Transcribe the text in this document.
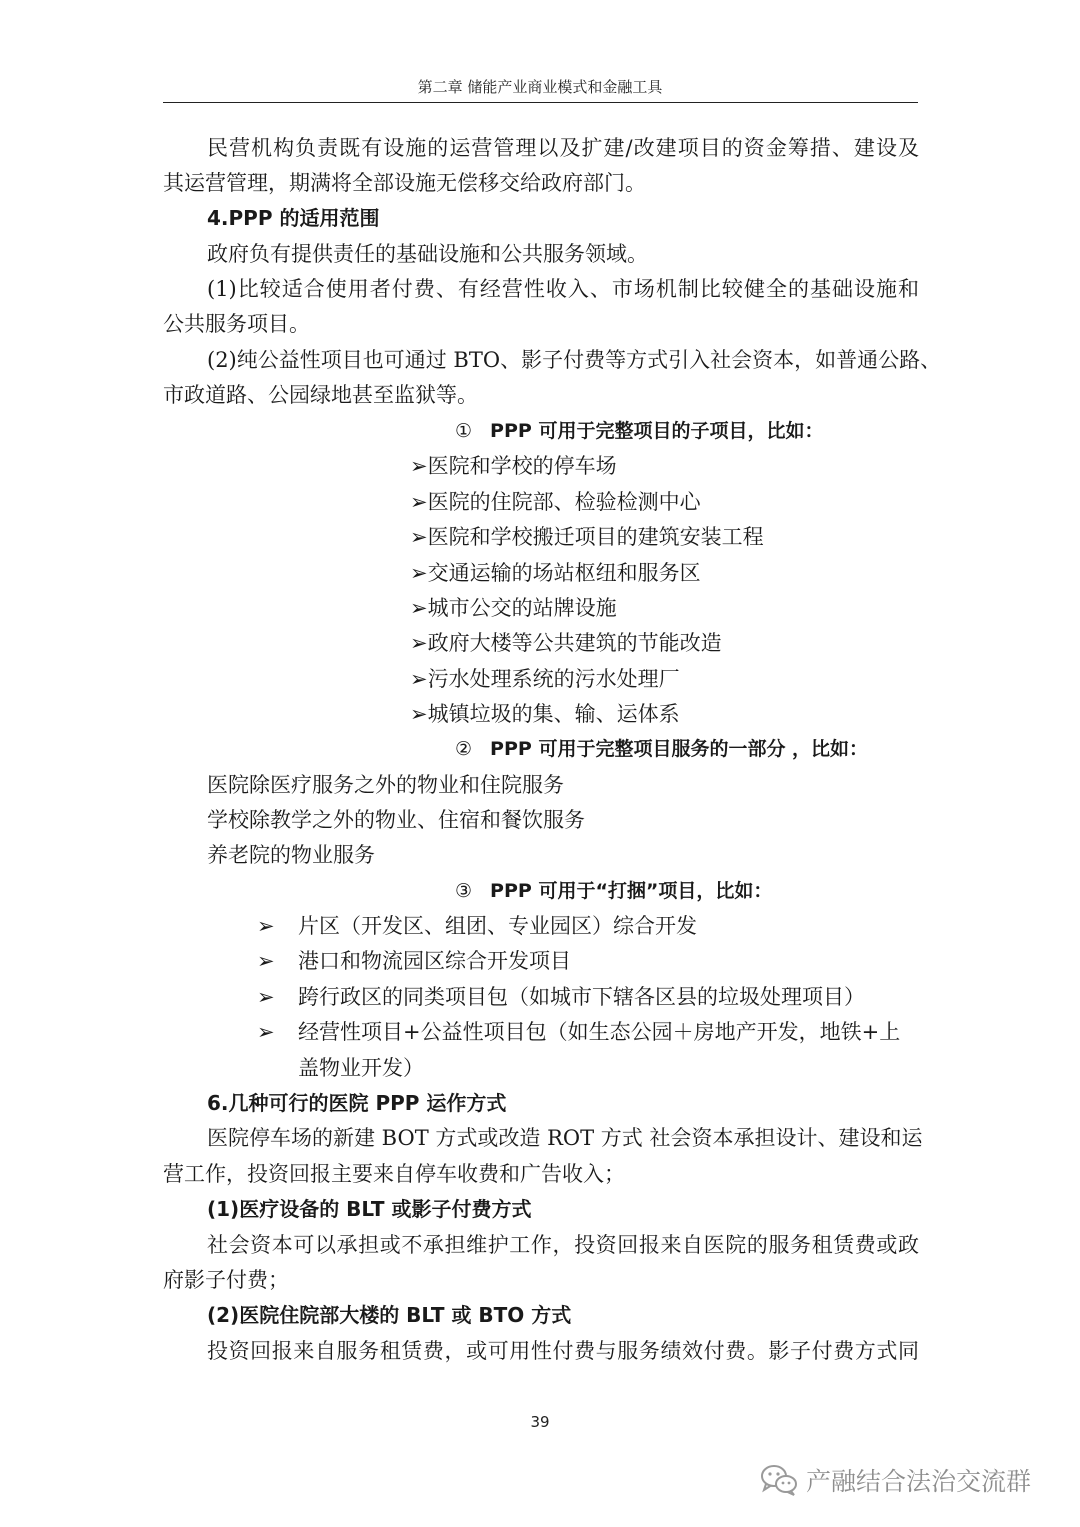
第二章 储能产业商业模式和金融工具
民营机构负责既有设施的运营管理以及扩建/改建项目的资金筹措、建设及
其运营管理，期满将全部设施无偿移交给政府部门。
4.PPP 的适用范围
政府负有提供责任的基础设施和公共服务领域。
(1)比较适合使用者付费、有经营性收入、市场机制比较健全的基础设施和
公共服务项目。
(2)纯公益性项目也可通过 BTO、影子付费等方式引入社会资本，如普通公路、
市政道路、公园绿地甚至监狱等。
① PPP 可用于完整项目的子项目，比如：
➢医院和学校的停车场
➢医院的住院部、检验检测中心
➢医院和学校搬迁项目的建筑安装工程
➢交通运输的场站枢纽和服务区
➢城市公交的站牌设施
➢政府大楼等公共建筑的节能改造
➢污水处理系统的污水处理厂
➢城镇垃圾的集、输、运体系
② PPP 可用于完整项目服务的一部分 ，比如：
医院除医疗服务之外的物业和住院服务
学校除教学之外的物业、住宿和餐饮服务
养老院的物业服务
③ PPP 可用于“打捆”项目，比如：
➢ 片区（开发区、组团、专业园区）综合开发
➢ 港口和物流园区综合开发项目
➢ 跨行政区的同类项目包（如城市下辖各区县的垃圾处理项目）
➢ 经营性项目+公益性项目包（如生态公园＋房地产开发，地铁+上
盖物业开发）
6.几种可行的医院 PPP 运作方式
医院停车场的新建 BOT 方式或改造 ROT 方式 社会资本承担设计、建设和运
营工作，投资回报主要来自停车收费和广告收入；
(1)医疗设备的 BLT 或影子付费方式
社会资本可以承担或不承担维护工作，投资回报来自医院的服务租赁费或政
府影子付费；
(2)医院住院部大楼的 BLT 或 BTO 方式
投资回报来自服务租赁费，或可用性付费与服务绩效付费。影子付费方式同
39
产融结合法治交流群
